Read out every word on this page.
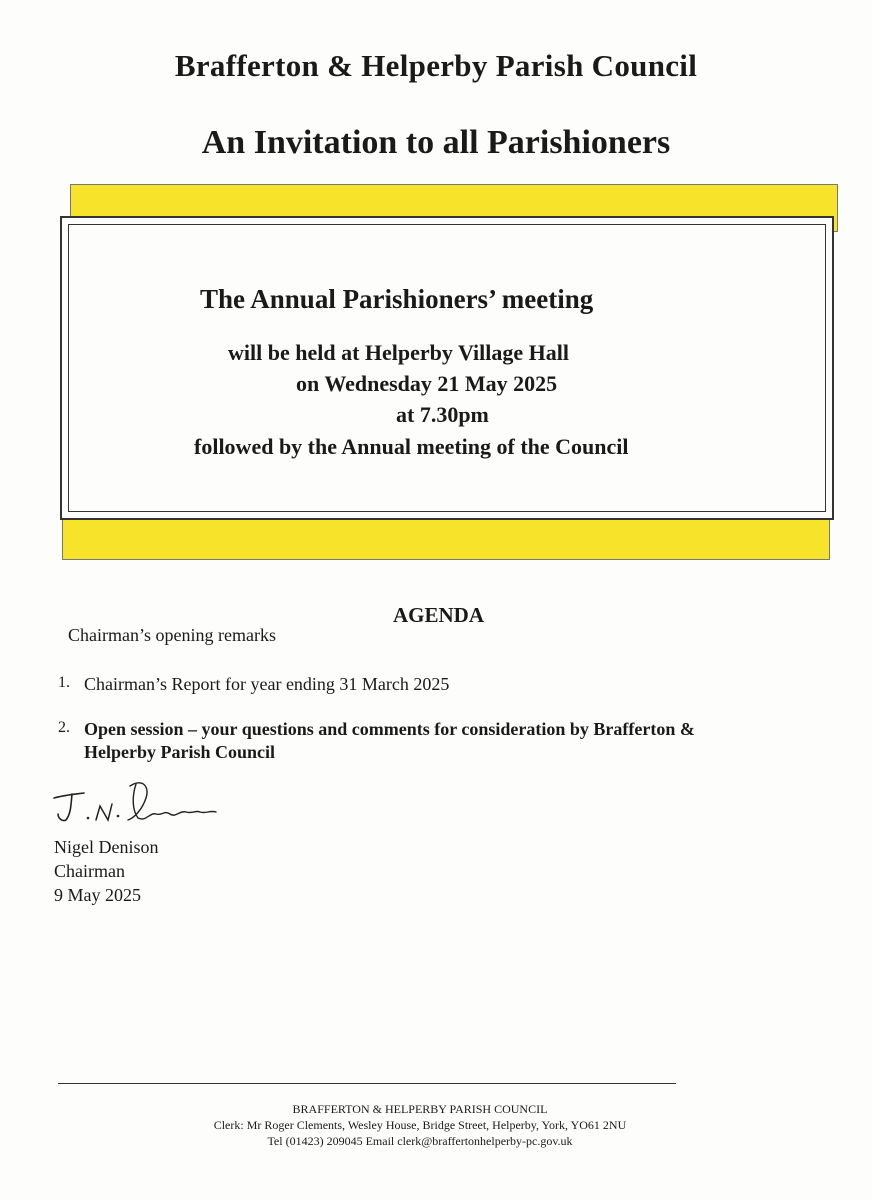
Brafferton & Helperby Parish Council
An Invitation to all Parishioners
The Annual Parishioners’ meeting
will be held at Helperby Village Hall
on Wednesday 21 May 2025
at 7.30pm
followed by the Annual meeting of the Council
AGENDA
Chairman’s opening remarks
1. Chairman’s Report for year ending 31 March 2025
2. Open session – your questions and comments for consideration by Brafferton &
Helperby Parish Council
Nigel Denison
Chairman
9 May 2025
BRAFFERTON & HELPERBY PARISH COUNCIL
Clerk: Mr Roger Clements, Wesley House, Bridge Street, Helperby, York, YO61 2NU
Tel (01423) 209045 Email clerk@braffertonhelperby-pc.gov.uk
